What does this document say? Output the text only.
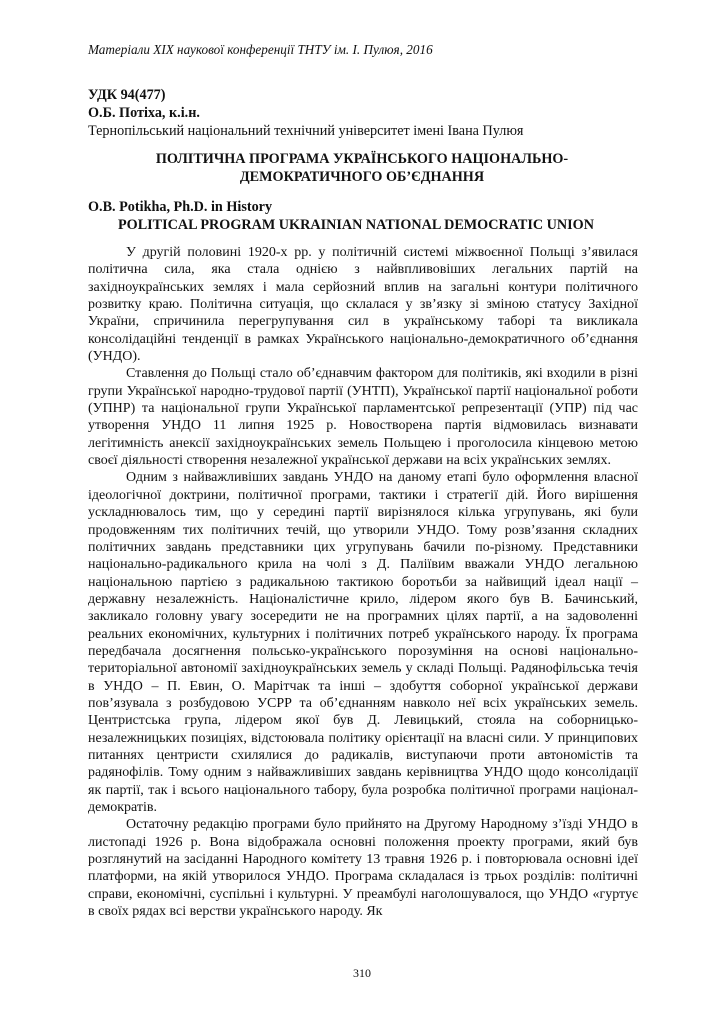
Матеріали ХІХ наукової конференції ТНТУ ім. І. Пулюя, 2016
УДК 94(477)
О.Б. Потіха, к.і.н.
Тернопільський національний технічний університет імені Івана Пулюя
ПОЛІТИЧНА ПРОГРАМА УКРАЇНСЬКОГО НАЦІОНАЛЬНО-
ДЕМОКРАТИЧНОГО ОБ’ЄДНАННЯ
O.B. Potikha, Ph.D. in History
POLITICAL PROGRAM UKRAINIAN NATIONAL DEMOCRATIC UNION

У другій половині 1920-х рр. у політичній системі міжвоєнної Польщі з’явилася політична сила, яка стала однією з найвпливовіших легальних партій на західноукраїнських землях і мала серйозний вплив на загальні контури політичного розвитку краю. Політична ситуація, що склалася у зв’язку зі зміною статусу Західної України, спричинила перегрупування сил в українському таборі та викликала консолідаційні тенденції в рамках Українського національно-демократичного об’єднання (УНДО).

Ставлення до Польщі стало об’єднавчим фактором для політиків, які входили в різні групи Української народно-трудової партії (УНТП), Української партії національної роботи (УПНР) та національної групи Української парламентської репрезентації (УПР) під час утворення УНДО 11 липня 1925 р. Новостворена партія відмовилась визнавати легітимність анексії західноукраїнських земель Польщею і проголосила кінцевою метою своєї діяльності створення незалежної української держави на всіх українських землях.

Одним з найважливіших завдань УНДО на даному етапі було оформлення власної ідеологічної доктрини, політичної програми, тактики і стратегії дій. Його вирішення ускладнювалось тим, що у середині партії вирізнялося кілька угрупувань, які були продовженням тих політичних течій, що утворили УНДО. Тому розв’язання складних політичних завдань представники цих угрупувань бачили по-різному. Представники національно-радикального крила на чолі з Д. Паліївим вважали УНДО легальною національною партією з радикальною тактикою боротьби за найвищий ідеал нації – державну незалежність. Націоналістичне крило, лідером якого був В. Бачинський, закликало головну увагу зосередити не на програмних цілях партії, а на задоволенні реальних економічних, культурних і політичних потреб українського народу. Їх програма передбачала досягнення польсько-українського порозуміння на основі національно-територіальної автономії західноукраїнських земель у складі Польщі. Радянофільська течія в УНДО – П. Евин, О. Марітчак та інші – здобуття соборної української держави пов’язувала з розбудовою УСРР та об’єднанням навколо неї всіх українських земель. Центристська група, лідером якої був Д. Левицький, стояла на соборницько-незалежницьких позиціях, відстоювала політику орієнтації на власні сили. У принципових питаннях центристи схилялися до радикалів, виступаючи проти автономістів та радянофілів. Тому одним з найважливіших завдань керівництва УНДО щодо консолідації як партії, так і всього національного табору, була розробка політичної програми націонал-демократів.

Остаточну редакцію програми було прийнято на Другому Народному з’їзді УНДО в листопаді 1926 р. Вона відображала основні положення проекту програми, який був розглянутий на засіданні Народного комітету 13 травня 1926 р. і повторювала основні ідеї платформи, на якій утворилося УНДО. Програма складалася із трьох розділів: політичні справи, економічні, суспільні і культурні. У преамбулі наголошувалося, що УНДО «гуртує в своїх рядах всі верстви українського народу. Як

310
